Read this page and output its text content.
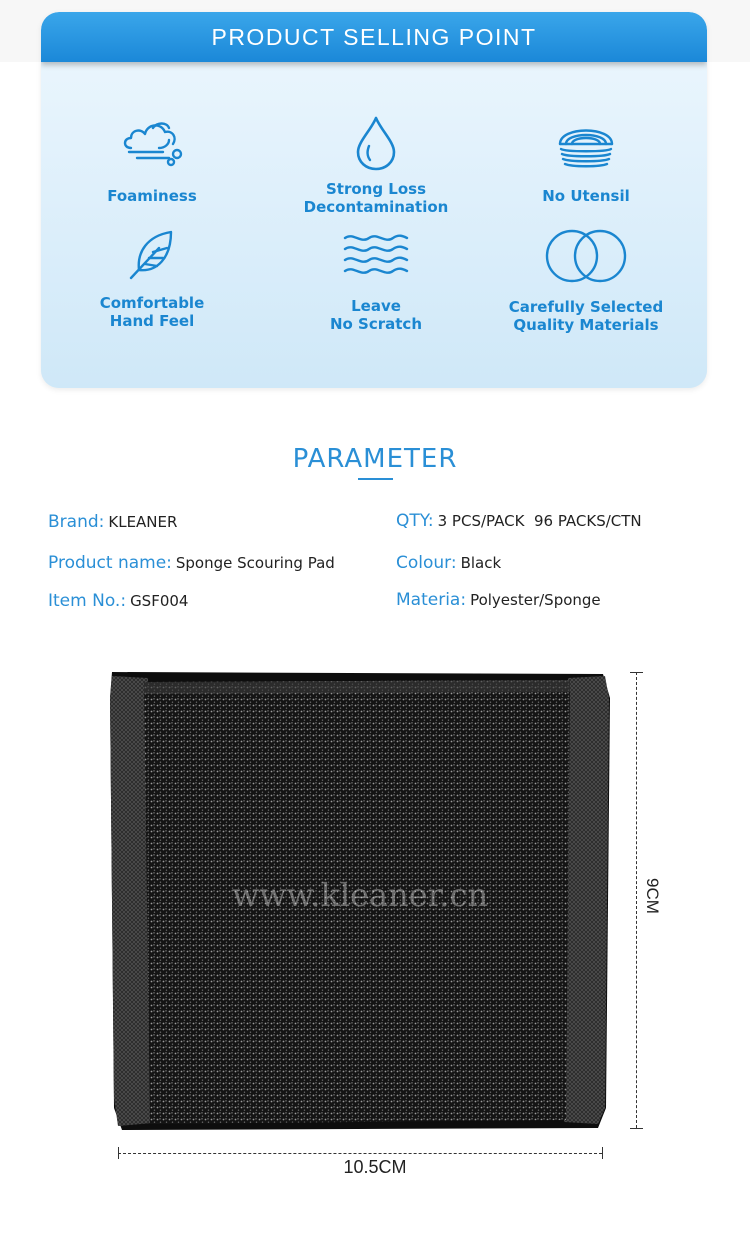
PRODUCT SELLING POINT
Foaminess	Strong Loss
Decontamination
No Utensil
Comfortable
Hand Feel
Leave
No Scratch
Carefully Selected
Quality Materials
PARAMETER
Brand: KLEANER	QTY: 3 PCS/PACK  96 PACKS/CTN
Product name: Sponge Scouring Pad	Colour: Black
Item No.: GSF004	Materia: Polyester/Sponge
www.kleaner.cn	9CM
10.5CM
